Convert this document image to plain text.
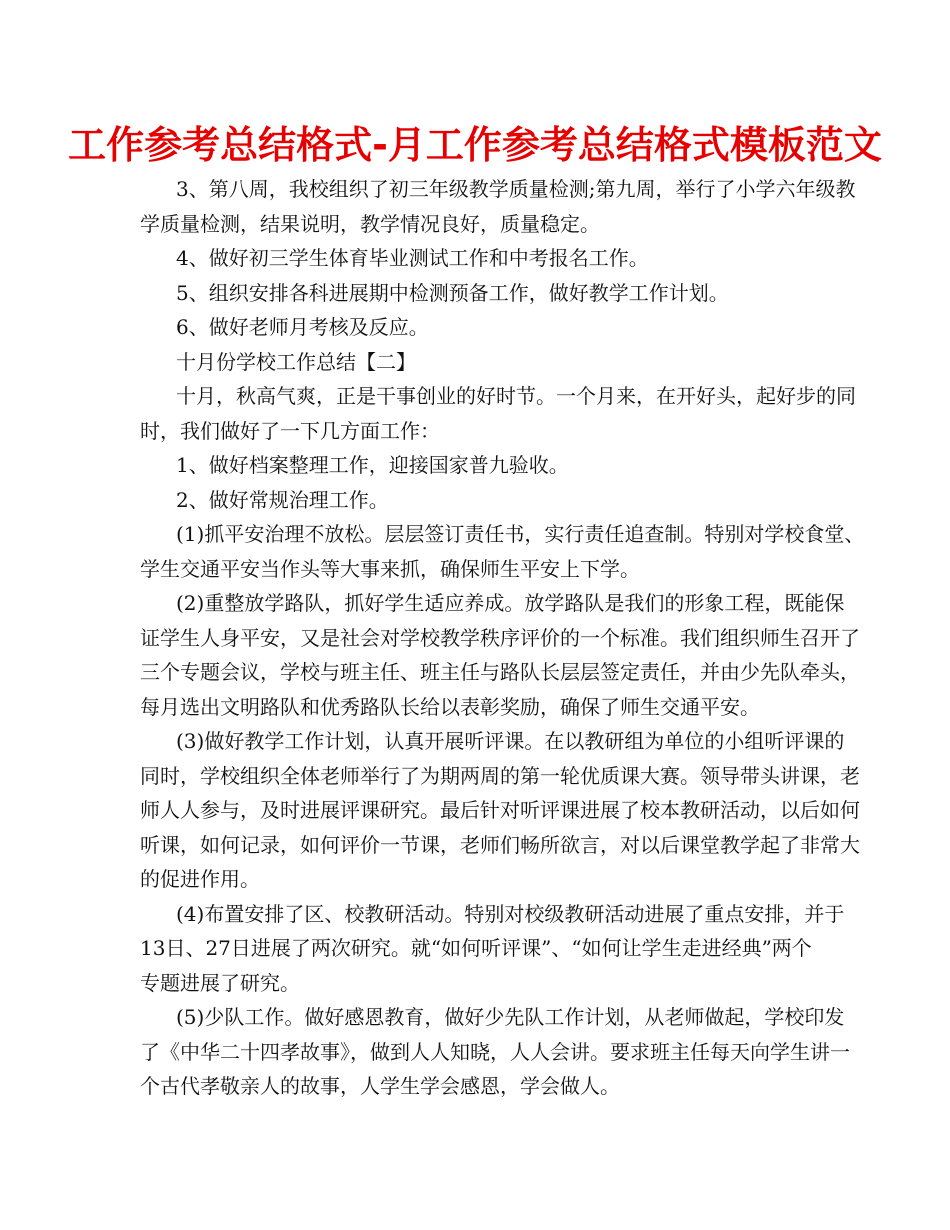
工作参考总结格式-月工作参考总结格式模板范文
3、第八周，我校组织了初三年级教学质量检测;第九周，举行了小学六年级教
学质量检测，结果说明，教学情况良好，质量稳定。
4、做好初三学生体育毕业测试工作和中考报名工作。
5、组织安排各科进展期中检测预备工作，做好教学工作计划。
6、做好老师月考核及反应。
十月份学校工作总结【二】
十月，秋高气爽，正是干事创业的好时节。一个月来，在开好头，起好步的同
时，我们做好了一下几方面工作：
1、做好档案整理工作，迎接国家普九验收。
2、做好常规治理工作。
(1)抓平安治理不放松。层层签订责任书，实行责任追查制。特别对学校食堂、
学生交通平安当作头等大事来抓，确保师生平安上下学。
(2)重整放学路队，抓好学生适应养成。放学路队是我们的形象工程，既能保
证学生人身平安，又是社会对学校教学秩序评价的一个标准。我们组织师生召开了
三个专题会议，学校与班主任、班主任与路队长层层签定责任，并由少先队牵头，
每月选出文明路队和优秀路队长给以表彰奖励，确保了师生交通平安。
(3)做好教学工作计划，认真开展听评课。在以教研组为单位的小组听评课的
同时，学校组织全体老师举行了为期两周的第一轮优质课大赛。领导带头讲课，老
师人人参与，及时进展评课研究。最后针对听评课进展了校本教研活动，以后如何
听课，如何记录，如何评价一节课，老师们畅所欲言，对以后课堂教学起了非常大
的促进作用。
(4)布置安排了区、校教研活动。特别对校级教研活动进展了重点安排，并于
13日、27日进展了两次研究。就“如何听评课”、“如何让学生走进经典”两个
专题进展了研究。
(5)少队工作。做好感恩教育，做好少先队工作计划，从老师做起，学校印发
了《中华二十四孝故事》，做到人人知晓，人人会讲。要求班主任每天向学生讲一
个古代孝敬亲人的故事，人学生学会感恩，学会做人。
